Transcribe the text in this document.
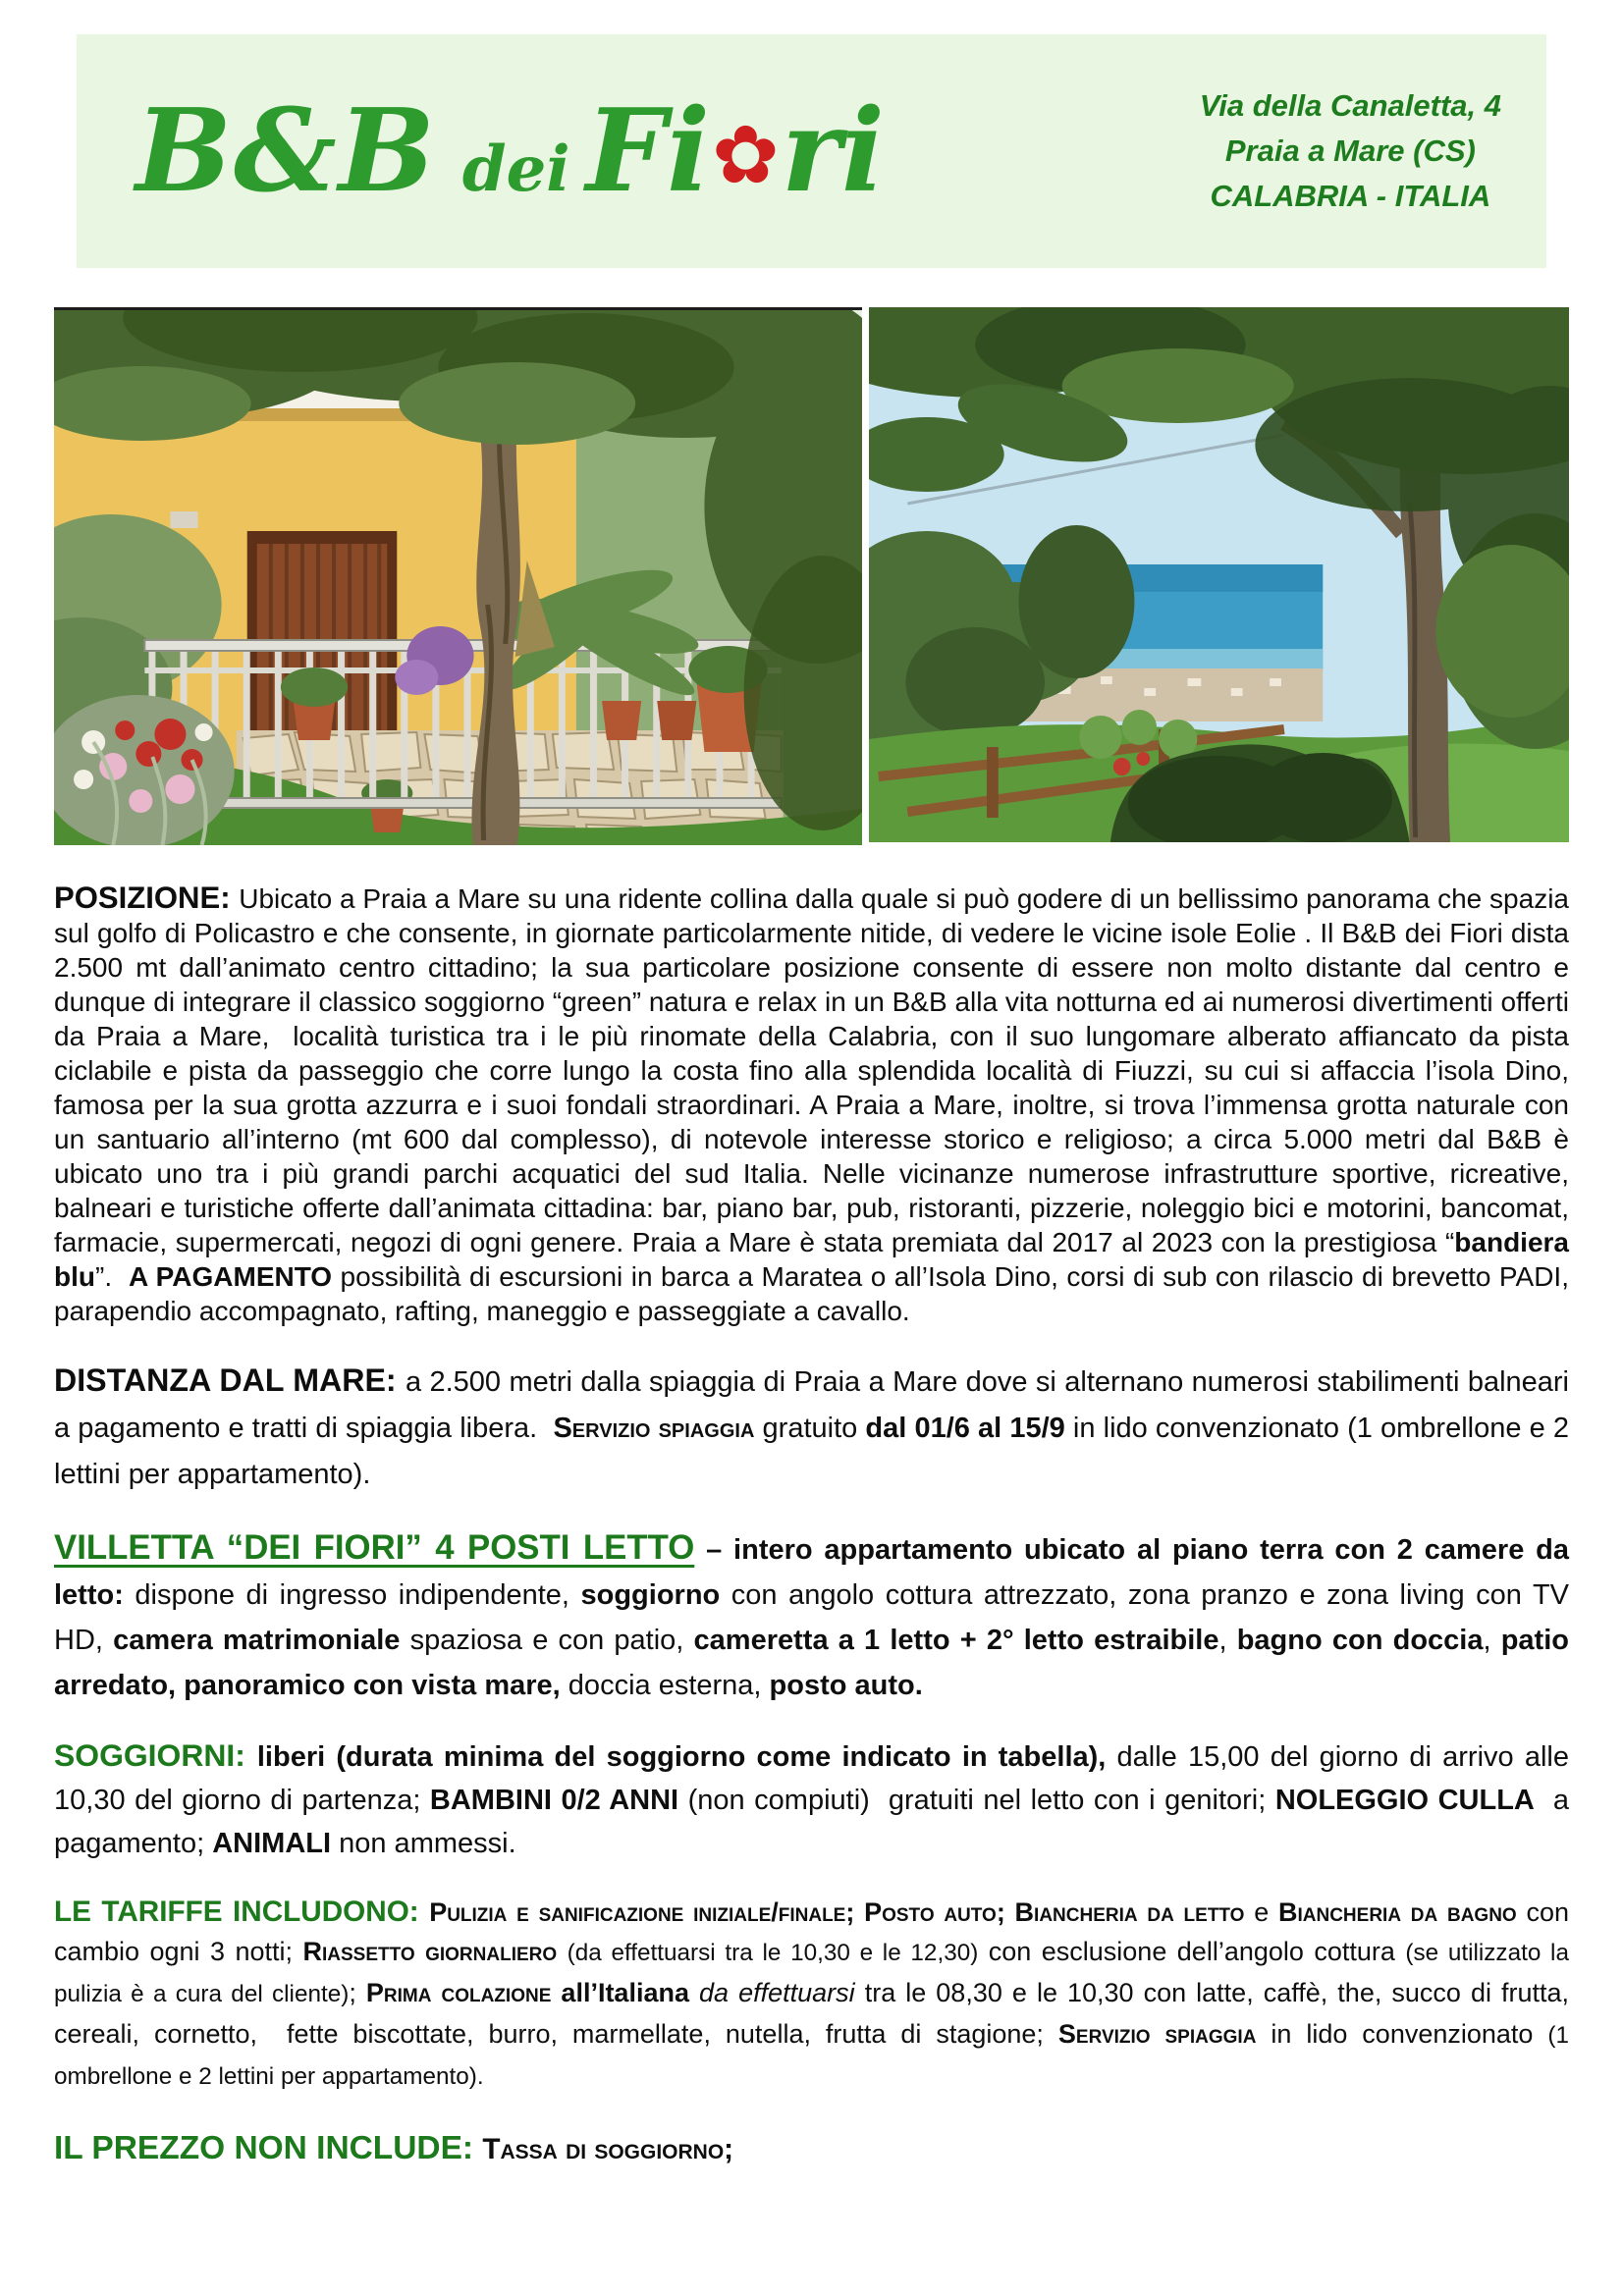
B&B dei Fi✿ri	Via della Canaletta, 4
Praia a Mare (CS)
CALABRIA - ITALIA

POSIZIONE: Ubicato a Praia a Mare su una ridente collina dalla quale si può godere di un bellissimo panorama che spazia sul golfo di Policastro e che consente, in giornate particolarmente nitide, di vedere le vicine isole Eolie . Il B&B dei Fiori dista 2.500 mt dall’animato centro cittadino; la sua particolare posizione consente di essere non molto distante dal centro e dunque di integrare il classico soggiorno “green” natura e relax in un B&B alla vita notturna ed ai numerosi divertimenti offerti da Praia a Mare,  località turistica tra i le più rinomate della Calabria, con il suo lungomare alberato affiancato da pista ciclabile e pista da passeggio che corre lungo la costa fino alla splendida località di Fiuzzi, su cui si affaccia l’isola Dino, famosa per la sua grotta azzurra e i suoi fondali straordinari. A Praia a Mare, inoltre, si trova l’immensa grotta naturale con un santuario all’interno (mt 600 dal complesso), di notevole interesse storico e religioso; a circa 5.000 metri dal B&B è ubicato uno tra i più grandi parchi acquatici del sud Italia. Nelle vicinanze numerose infrastrutture sportive, ricreative, balneari e turistiche offerte dall’animata cittadina: bar, piano bar, pub, ristoranti, pizzerie, noleggio bici e motorini, bancomat, farmacie, supermercati, negozi di ogni genere. Praia a Mare è stata premiata dal 2017 al 2023 con la prestigiosa “bandiera blu”.  A PAGAMENTO possibilità di escursioni in barca a Maratea o all’Isola Dino, corsi di sub con rilascio di brevetto PADI, parapendio accompagnato, rafting, maneggio e passeggiate a cavallo.

DISTANZA DAL MARE: a 2.500 metri dalla spiaggia di Praia a Mare dove si alternano numerosi stabilimenti balneari a pagamento e tratti di spiaggia libera.  Servizio spiaggia gratuito dal 01/6 al 15/9 in lido convenzionato (1 ombrellone e 2 lettini per appartamento).

VILLETTA “DEI FIORI” 4 POSTI LETTO – intero appartamento ubicato al piano terra con 2 camere da letto: dispone di ingresso indipendente, soggiorno con angolo cottura attrezzato, zona pranzo e zona living con TV HD, camera matrimoniale spaziosa e con patio, cameretta a 1 letto + 2° letto estraibile, bagno con doccia, patio arredato, panoramico con vista mare, doccia esterna, posto auto.

SOGGIORNI: liberi (durata minima del soggiorno come indicato in tabella), dalle 15,00 del giorno di arrivo alle 10,30 del giorno di partenza; BAMBINI 0/2 ANNI (non compiuti)  gratuiti nel letto con i genitori; NOLEGGIO CULLA  a pagamento; ANIMALI non ammessi.

LE TARIFFE INCLUDONO: Pulizia e sanificazione iniziale/finale; Posto auto; Biancheria da letto e Biancheria da bagno con cambio ogni 3 notti; Riassetto giornaliero (da effettuarsi tra le 10,30 e le 12,30) con esclusione dell’angolo cottura (se utilizzato la pulizia è a cura del cliente); Prima colazione all’Italiana da effettuarsi tra le 08,30 e le 10,30 con latte, caffè, the, succo di frutta, cereali, cornetto,  fette biscottate, burro, marmellate, nutella, frutta di stagione; Servizio spiaggia in lido convenzionato (1 ombrellone e 2 lettini per appartamento).

IL PREZZO NON INCLUDE: Tassa di soggiorno;
